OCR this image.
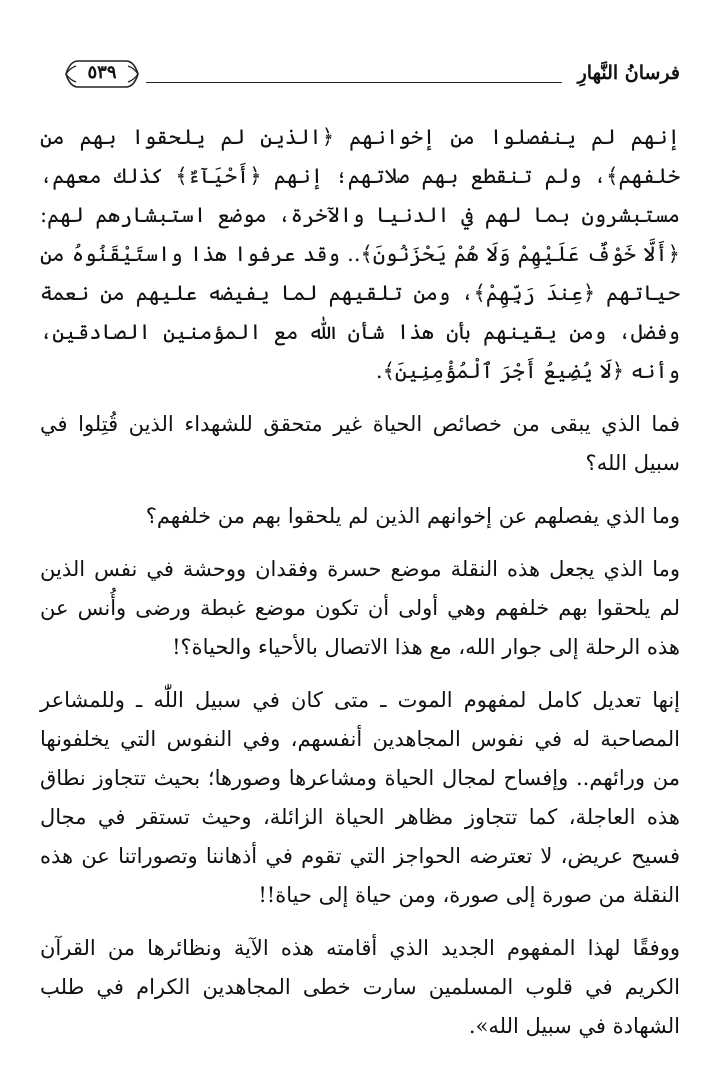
فرسانُ النَّهارِ
٥٣٩

إنهم لم ينفصلوا من إخوانهم ﴿الذين لم يلحقوا بهم من خلفهم﴾، ولم تنقطع بهم صلاتهم؛ إنهم ﴿أَحْيَآءٌ﴾ كذلك معهم، مستبشرون بما لهم في الدنيا والآخرة، موضع استبشارهم لهم: ﴿أَلَّا خَوْفٌ عَلَيْهِمْ وَلَا هُمْ يَحْزَنُونَ﴾.. وقد عرفوا هذا واستَيْقَنُوهُ من حياتهم ﴿عِندَ رَبِّهِمْ﴾، ومن تلقيهم لما يفيضه عليهم من نعمة وفضل، ومن يقينهم بأن هذا شأن اللّٰه مع المؤمنين الصادقين، وأنه ﴿لَا يُضِيعُ أَجْرَ ٱلْمُؤْمِنِينَ﴾.

فما الذي يبقى من خصائص الحياة غير متحقق للشهداء الذين قُتِلوا في سبيل الله؟

وما الذي يفصلهم عن إخوانهم الذين لم يلحقوا بهم من خلفهم؟

وما الذي يجعل هذه النقلة موضع حسرة وفقدان ووحشة في نفس الذين لم يلحقوا بهم خلفهم وهي أولى أن تكون موضع غبطة ورضى وأُنس عن هذه الرحلة إلى جوار الله، مع هذا الاتصال بالأحياء والحياة؟!

إنها تعديل كامل لمفهوم الموت ـ متى كان في سبيل اللّٰه ـ وللمشاعر المصاحبة له في نفوس المجاهدين أنفسهم، وفي النفوس التي يخلفونها من ورائهم.. وإفساح لمجال الحياة ومشاعرها وصورها؛ بحيث تتجاوز نطاق هذه العاجلة، كما تتجاوز مظاهر الحياة الزائلة، وحيث تستقر في مجال فسيح عريض، لا تعترضه الحواجز التي تقوم في أذهاننا وتصوراتنا عن هذه النقلة من صورة إلى صورة، ومن حياة إلى حياة!!

ووفقًا لهذا المفهوم الجديد الذي أقامته هذه الآية ونظائرها من القرآن الكريم في قلوب المسلمين سارت خطى المجاهدين الكرام في طلب الشهادة في سبيل الله».
